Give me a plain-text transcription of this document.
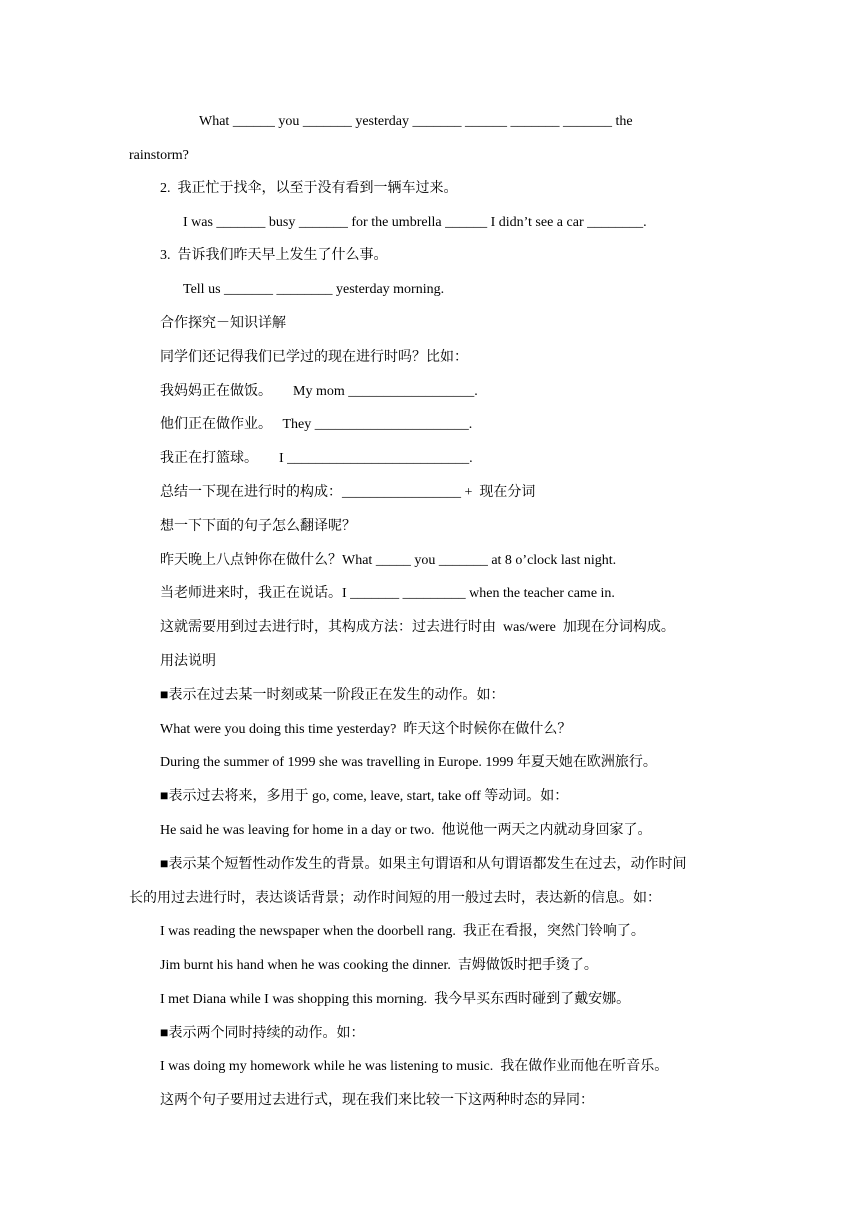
What ______ you _______ yesterday _______ ______ _______ _______ the
rainstorm?
2.  我正忙于找伞，以至于没有看到一辆车过来。
I was _______ busy _______ for the umbrella ______ I didn’t see a car ________.
3.  告诉我们昨天早上发生了什么事。
Tell us _______ ________ yesterday morning.
合作探究－知识详解
同学们还记得我们已学过的现在进行时吗？比如：
我妈妈正在做饭。      My mom __________________.
他们正在做作业。   They ______________________.
我正在打篮球。      I __________________________.
总结一下现在进行时的构成：_________________ +  现在分词
想一下下面的句子怎么翻译呢？
昨天晚上八点钟你在做什么？What _____ you _______ at 8 o’clock last night.
当老师进来时，我正在说话。I _______ _________ when the teacher came in.
这就需要用到过去进行时，其构成方法：过去进行时由  was/were  加现在分词构成。
用法说明
■表示在过去某一时刻或某一阶段正在发生的动作。如：
What were you doing this time yesterday?  昨天这个时候你在做什么？
During the summer of 1999 she was travelling in Europe. 1999 年夏天她在欧洲旅行。
■表示过去将来，多用于 go, come, leave, start, take off 等动词。如：
He said he was leaving for home in a day or two.  他说他一两天之内就动身回家了。
■表示某个短暂性动作发生的背景。如果主句谓语和从句谓语都发生在过去，动作时间
长的用过去进行时，表达谈话背景；动作时间短的用一般过去时，表达新的信息。如：
I was reading the newspaper when the doorbell rang.  我正在看报，突然门铃响了。
Jim burnt his hand when he was cooking the dinner.  吉姆做饭时把手烫了。
I met Diana while I was shopping this morning.  我今早买东西时碰到了戴安娜。
■表示两个同时持续的动作。如：
I was doing my homework while he was listening to music.  我在做作业而他在听音乐。
这两个句子要用过去进行式，现在我们来比较一下这两种时态的异同：
